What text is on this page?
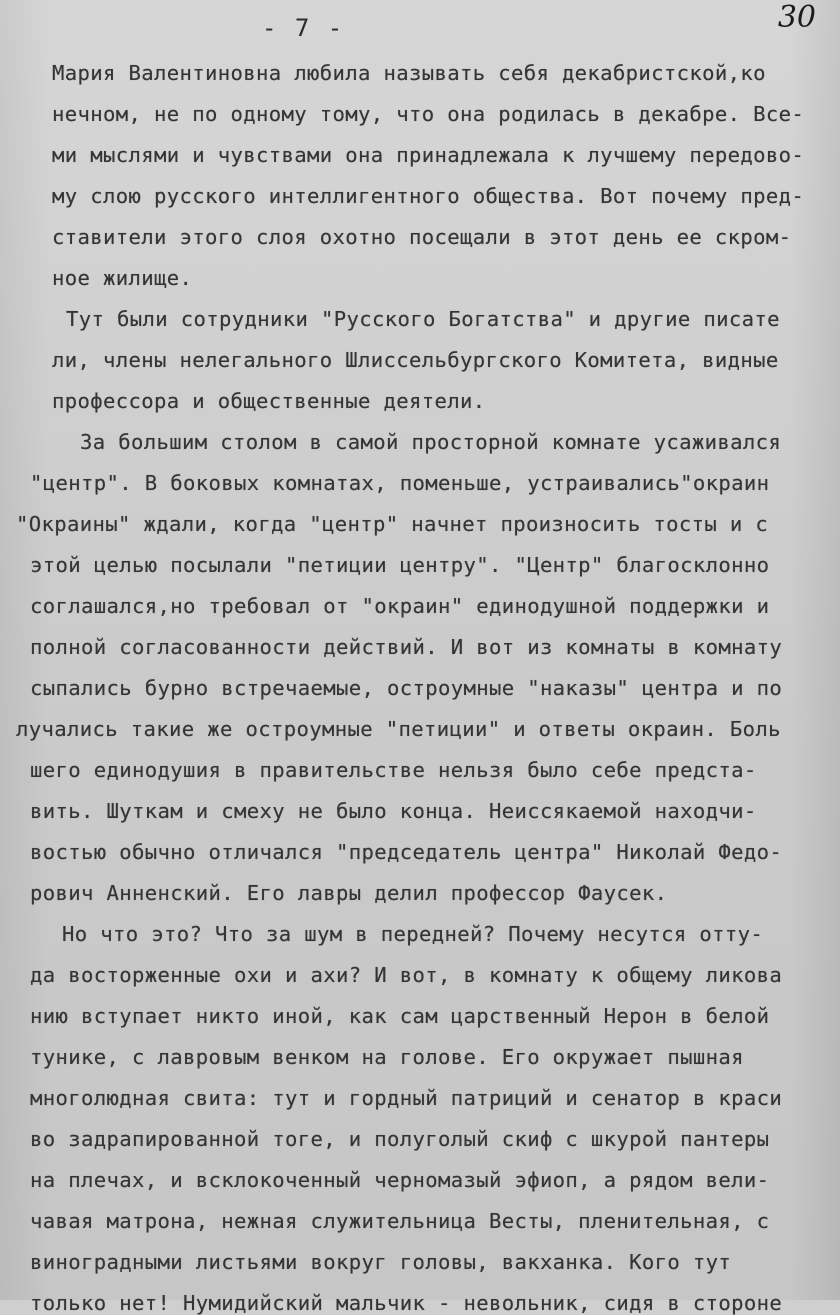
- 7 -	30
Мария Валентиновна любила называть себя декабристской,ко
нечном, не по одному тому, что она родилась в декабре. Все-
ми мыслями и чувствами она принадлежала к лучшему передово-
му слою русского интеллигентного общества. Вот почему пред-
ставители этого слоя охотно посещали в этот день ее скром-
ное жилище.
Тут были сотрудники "Русского Богатства" и другие писате
ли, члены нелегального Шлиссельбургского Комитета, видные
профессора и общественные деятели.
За большим столом в самой просторной комнате усаживался
"центр". В боковых комнатах, поменьше, устраивались"окраин
"Окраины" ждали, когда "центр" начнет произносить тосты и с
этой целью посылали "петиции центру". "Центр" благосклонно
соглашался,но требовал от "окраин" единодушной поддержки и
полной согласованности действий. И вот из комнаты в комнату
сыпались бурно встречаемые, остроумные "наказы" центра и по
лучались такие же остроумные "петиции" и ответы окраин. Боль
шего единодушия в правительстве нельзя было себе предста-
вить. Шуткам и смеху не было конца. Неиссякаемой находчи-
востью обычно отличался "председатель центра" Николай Федо-
рович Анненский. Его лавры делил профессор Фаусек.
Но что это? Что за шум в передней? Почему несутся отту-
да восторженные охи и ахи? И вот, в комнату к общему ликова
нию вступает никто иной, как сам царственный Нерон в белой
тунике, с лавровым венком на голове. Его окружает пышная
многолюдная свита: тут и гордный патриций и сенатор в краси
во задрапированной тоге, и полуголый скиф с шкурой пантеры
на плечах, и всклокоченный черномазый эфиоп, а рядом вели-
чавая матрона, нежная служительница Весты, пленительная, с
виноградными листьями вокруг головы, вакханка. Кого тут
только нет! Нумидийский мальчик - невольник, сидя в стороне
